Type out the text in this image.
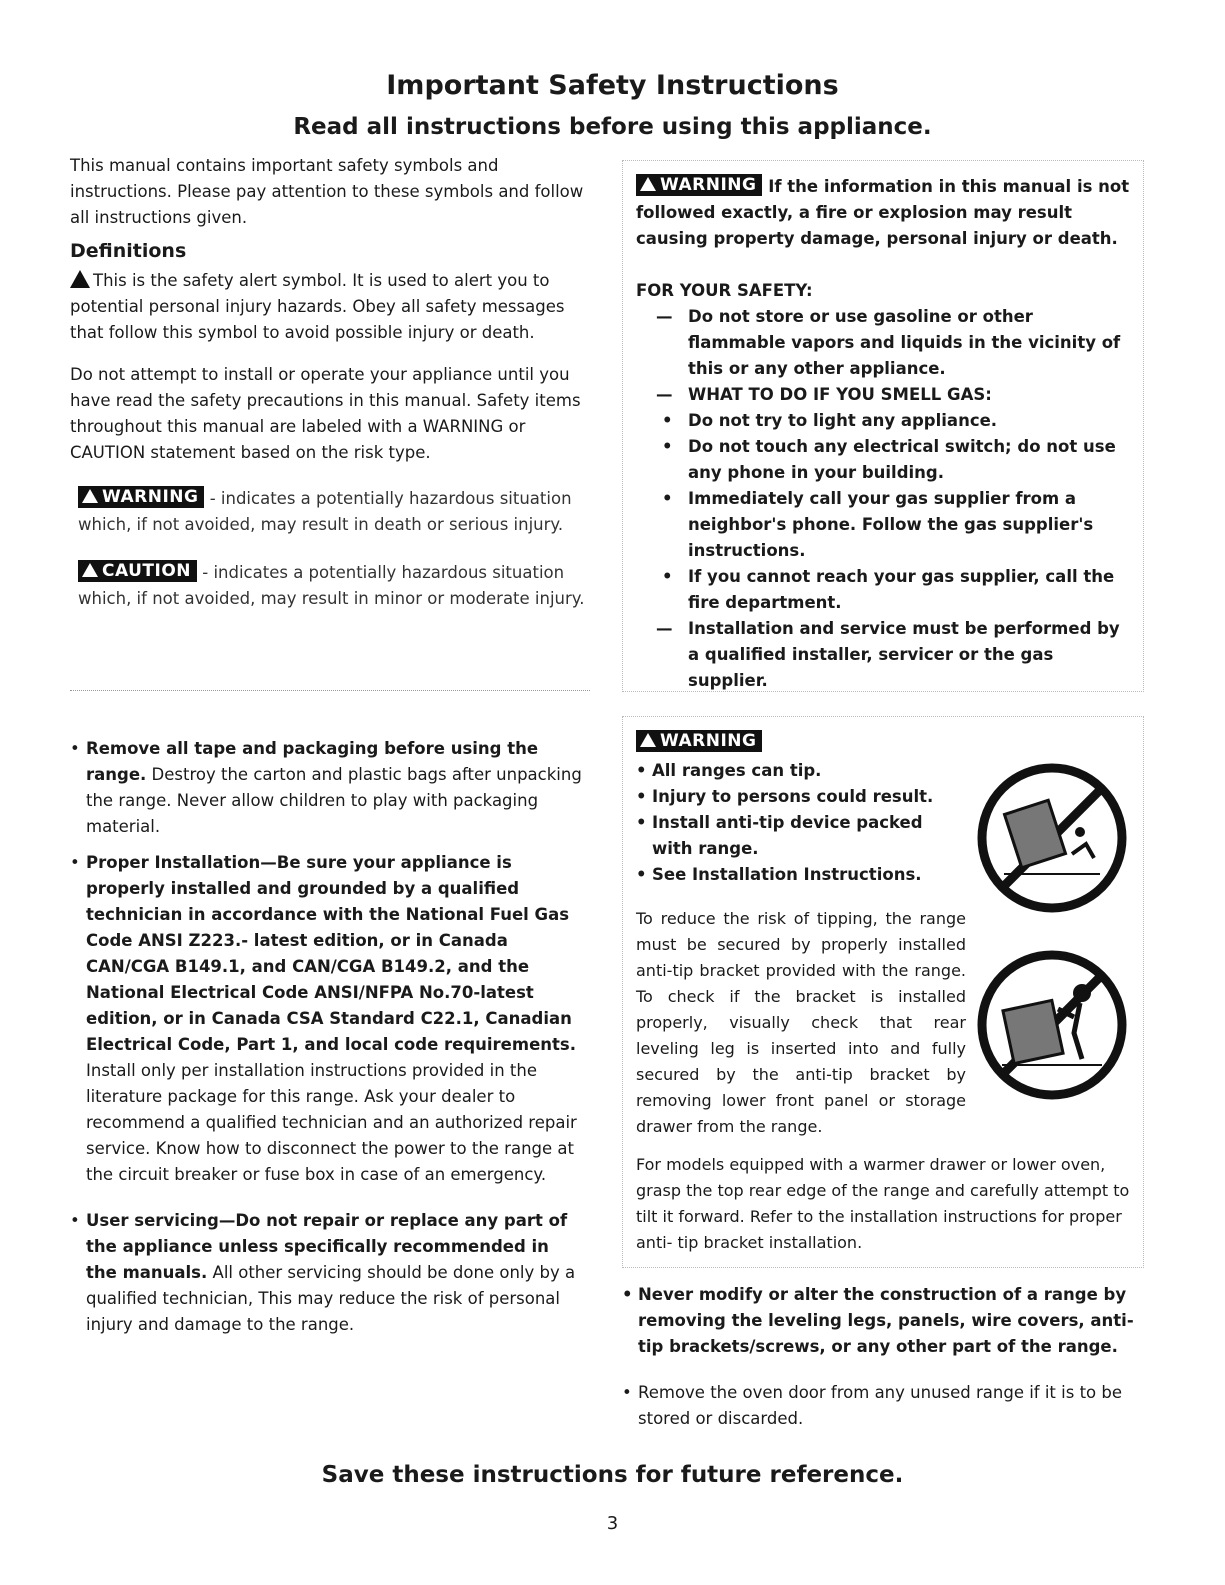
Important Safety Instructions
Read all instructions before using this appliance.
This manual contains important safety symbols and instructions. Please pay attention to these symbols and follow all instructions given.
Definitions
This is the safety alert symbol. It is used to alert you to potential personal injury hazards. Obey all safety messages that follow this symbol to avoid possible injury or death.
Do not attempt to install or operate your appliance until you have read the safety precautions in this manual. Safety items throughout this manual are labeled with a WARNING or CAUTION statement based on the risk type.
WARNING - indicates a potentially hazardous situation which, if not avoided, may result in death or serious injury.
CAUTION - indicates a potentially hazardous situation which, if not avoided, may result in minor or moderate injury.
• Remove all tape and packaging before using the range. Destroy the carton and plastic bags after unpacking the range. Never allow children to play with packaging material.
• Proper Installation—Be sure your appliance is properly installed and grounded by a qualified technician in accordance with the National Fuel Gas Code ANSI Z223.- latest edition, or in Canada CAN/CGA B149.1, and CAN/CGA B149.2, and the National Electrical Code ANSI/NFPA No.70-latest edition, or in Canada CSA Standard C22.1, Canadian Electrical Code, Part 1, and local code requirements. Install only per installation instructions provided in the literature package for this range. Ask your dealer to recommend a qualified technician and an authorized repair service. Know how to disconnect the power to the range at the circuit breaker or fuse box in case of an emergency.
• User servicing—Do not repair or replace any part of the appliance unless specifically recommended in the manuals. All other servicing should be done only by a qualified technician, This may reduce the risk of personal injury and damage to the range.
WARNING If the information in this manual is not followed exactly, a fire or explosion may result causing property damage, personal injury or death.
FOR YOUR SAFETY:
— Do not store or use gasoline or other flammable vapors and liquids in the vicinity of this or any other appliance.
— WHAT TO DO IF YOU SMELL GAS:
• Do not try to light any appliance.
• Do not touch any electrical switch; do not use any phone in your building.
• Immediately call your gas supplier from a neighbor's phone. Follow the gas supplier's instructions.
• If you cannot reach your gas supplier, call the fire department.
— Installation and service must be performed by a qualified installer, servicer or the gas supplier.
WARNING
• All ranges can tip.
• Injury to persons could result.
• Install anti-tip device packed with range.
• See Installation Instructions.
To reduce the risk of tipping, the range must be secured by properly installed anti-tip bracket provided with the range. To check if the bracket is installed properly, visually check that rear leveling leg is inserted into and fully secured by the anti-tip bracket by removing lower front panel or storage drawer from the range.
For models equipped with a warmer drawer or lower oven, grasp the top rear edge of the range and carefully attempt to tilt it forward. Refer to the installation instructions for proper anti- tip bracket installation.
• Never modify or alter the construction of a range by removing the leveling legs, panels, wire covers, anti-tip brackets/screws, or any other part of the range.
• Remove the oven door from any unused range if it is to be stored or discarded.
Save these instructions for future reference.
3
